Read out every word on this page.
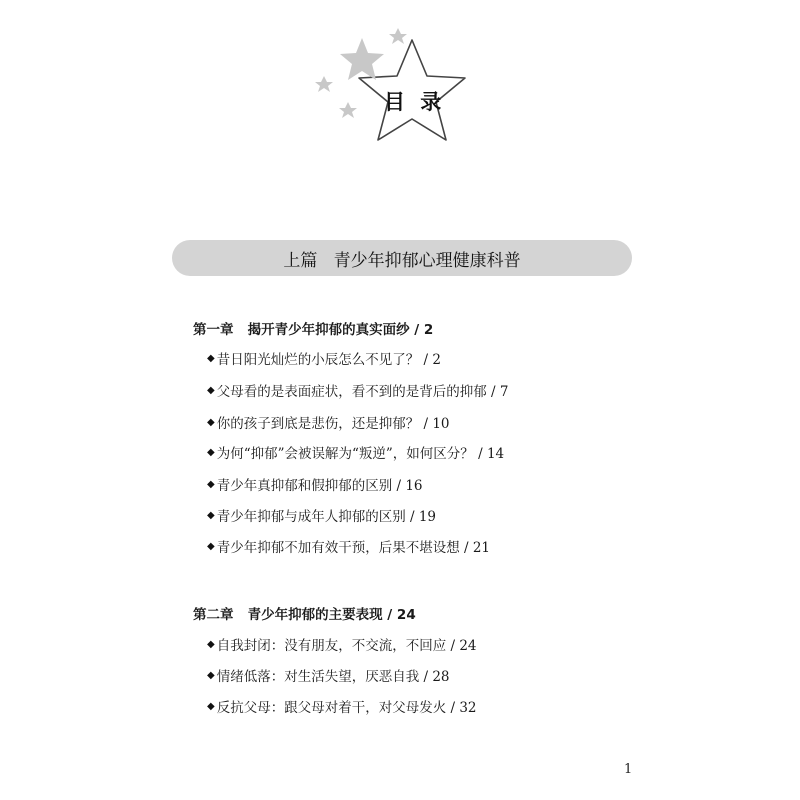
目 录
上篇   青少年抑郁心理健康科普
第一章   揭开青少年抑郁的真实面纱 / 2
◆ 昔日阳光灿烂的小辰怎么不见了？ / 2
◆ 父母看的是表面症状，看不到的是背后的抑郁 / 7
◆ 你的孩子到底是悲伤，还是抑郁？ / 10
◆ 为何“抑郁”会被误解为“叛逆”，如何区分？ / 14
◆ 青少年真抑郁和假抑郁的区别 / 16
◆ 青少年抑郁与成年人抑郁的区别 / 19
◆ 青少年抑郁不加有效干预，后果不堪设想 / 21
第二章   青少年抑郁的主要表现 / 24
◆ 自我封闭：没有朋友，不交流，不回应 / 24
◆ 情绪低落：对生活失望，厌恶自我 / 28
◆ 反抗父母：跟父母对着干，对父母发火 / 32
1
